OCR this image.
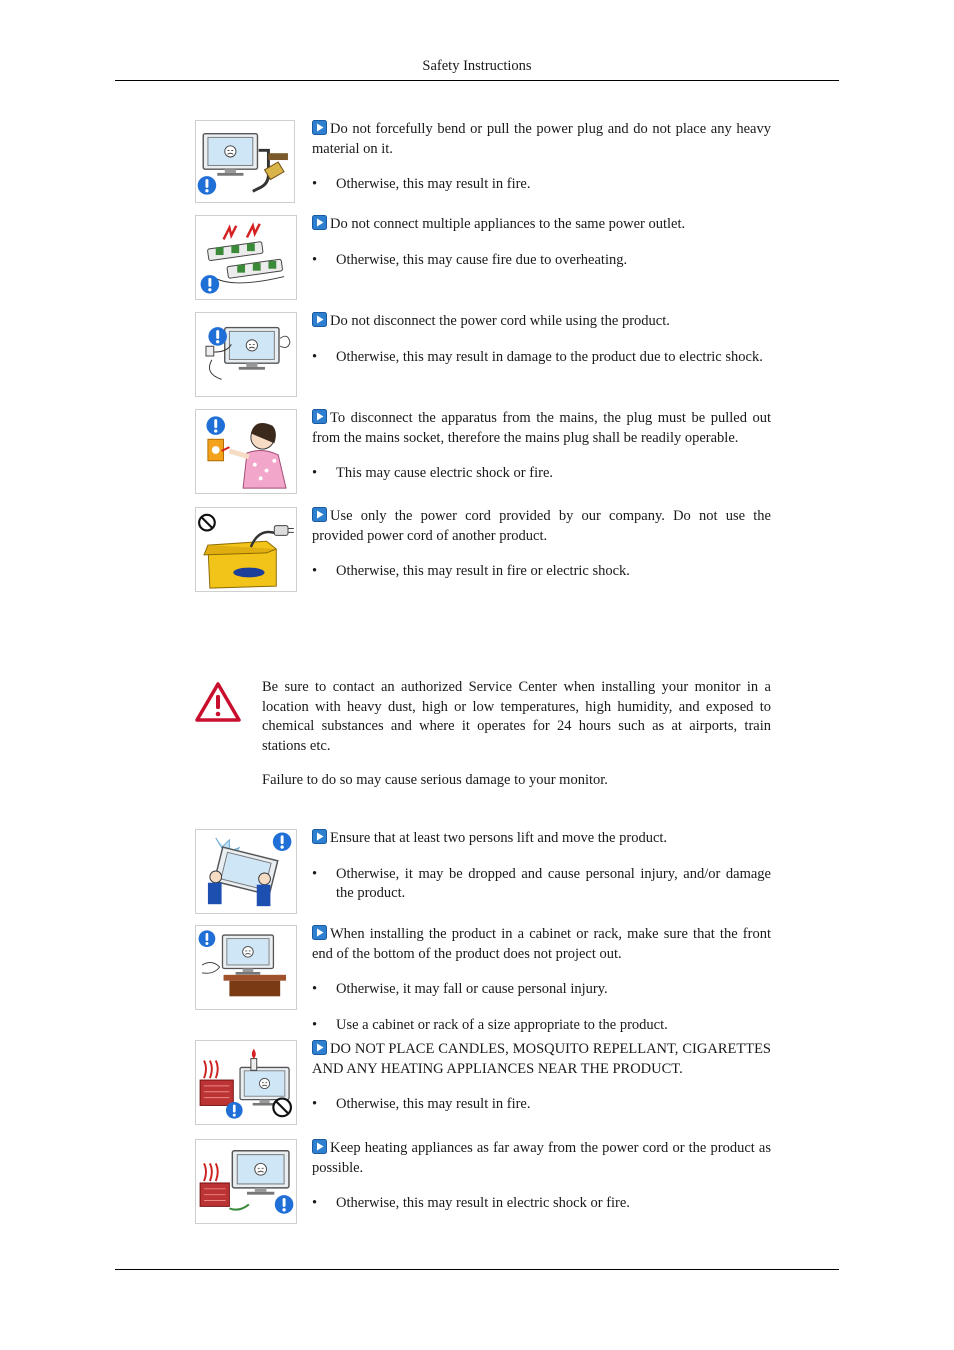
Safety Instructions

Do not forcefully bend or pull the power plug and do not place any heavy material on it.

• Otherwise, this may result in fire.

Do not connect multiple appliances to the same power outlet.

• Otherwise, this may cause fire due to overheating.

Do not disconnect the power cord while using the product.

• Otherwise, this may result in damage to the product due to electric shock.

To disconnect the apparatus from the mains, the plug must be pulled out from the mains socket, therefore the mains plug shall be readily operable.

• This may cause electric shock or fire.

Use only the power cord provided by our company. Do not use the provided power cord of another product.

• Otherwise, this may result in fire or electric shock.

Be sure to contact an authorized Service Center when installing your monitor in a location with heavy dust, high or low temperatures, high humidity, and exposed to chemical substances and where it operates for 24 hours such as at airports, train stations etc.

Failure to do so may cause serious damage to your monitor.

Ensure that at least two persons lift and move the product.

• Otherwise, it may be dropped and cause personal injury, and/or damage the product.

When installing the product in a cabinet or rack, make sure that the front end of the bottom of the product does not project out.

• Otherwise, it may fall or cause personal injury.
• Use a cabinet or rack of a size appropriate to the product.

DO NOT PLACE CANDLES, MOSQUITO REPELLANT, CIGARETTES AND ANY HEATING APPLIANCES NEAR THE PRODUCT.

• Otherwise, this may result in fire.

Keep heating appliances as far away from the power cord or the product as possible.

• Otherwise, this may result in electric shock or fire.
